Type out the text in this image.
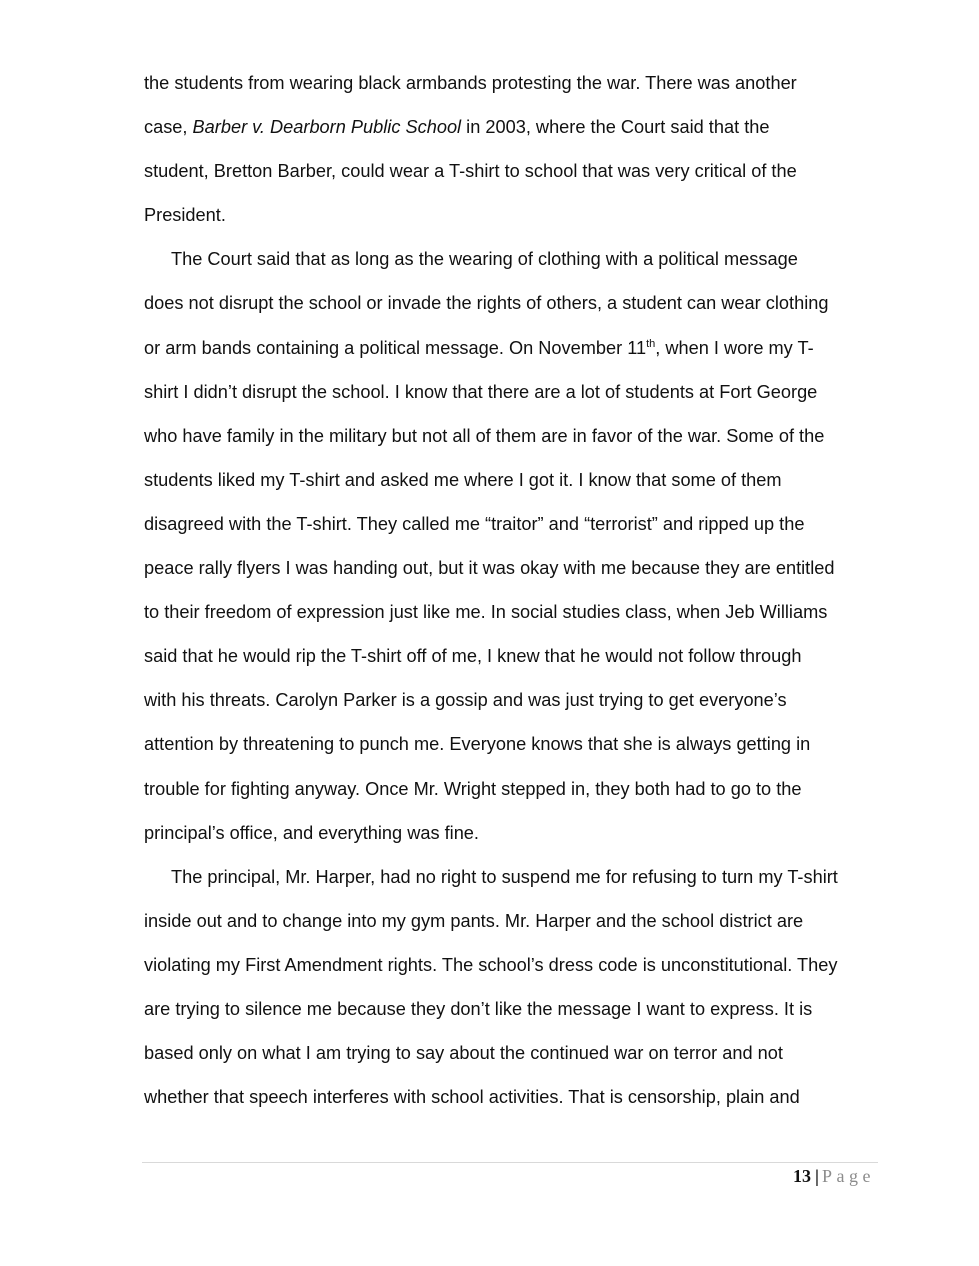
the students from wearing black armbands protesting the war. There was another
case, Barber v. Dearborn Public School in 2003, where the Court said that the
student, Bretton Barber, could wear a T-shirt to school that was very critical of the
President.

The Court said that as long as the wearing of clothing with a political message
does not disrupt the school or invade the rights of others, a student can wear clothing
or arm bands containing a political message. On November 11th, when I wore my T-
shirt I didn’t disrupt the school. I know that there are a lot of students at Fort George
who have family in the military but not all of them are in favor of the war. Some of the
students liked my T-shirt and asked me where I got it. I know that some of them
disagreed with the T-shirt. They called me “traitor” and “terrorist” and ripped up the
peace rally flyers I was handing out, but it was okay with me because they are entitled
to their freedom of expression just like me. In social studies class, when Jeb Williams
said that he would rip the T-shirt off of me, I knew that he would not follow through
with his threats. Carolyn Parker is a gossip and was just trying to get everyone’s
attention by threatening to punch me. Everyone knows that she is always getting in
trouble for fighting anyway. Once Mr. Wright stepped in, they both had to go to the
principal’s office, and everything was fine.

The principal, Mr. Harper, had no right to suspend me for refusing to turn my T-shirt
inside out and to change into my gym pants. Mr. Harper and the school district are
violating my First Amendment rights. The school’s dress code is unconstitutional. They
are trying to silence me because they don’t like the message I want to express. It is
based only on what I am trying to say about the continued war on terror and not
whether that speech interferes with school activities. That is censorship, plain and

13 | Page
